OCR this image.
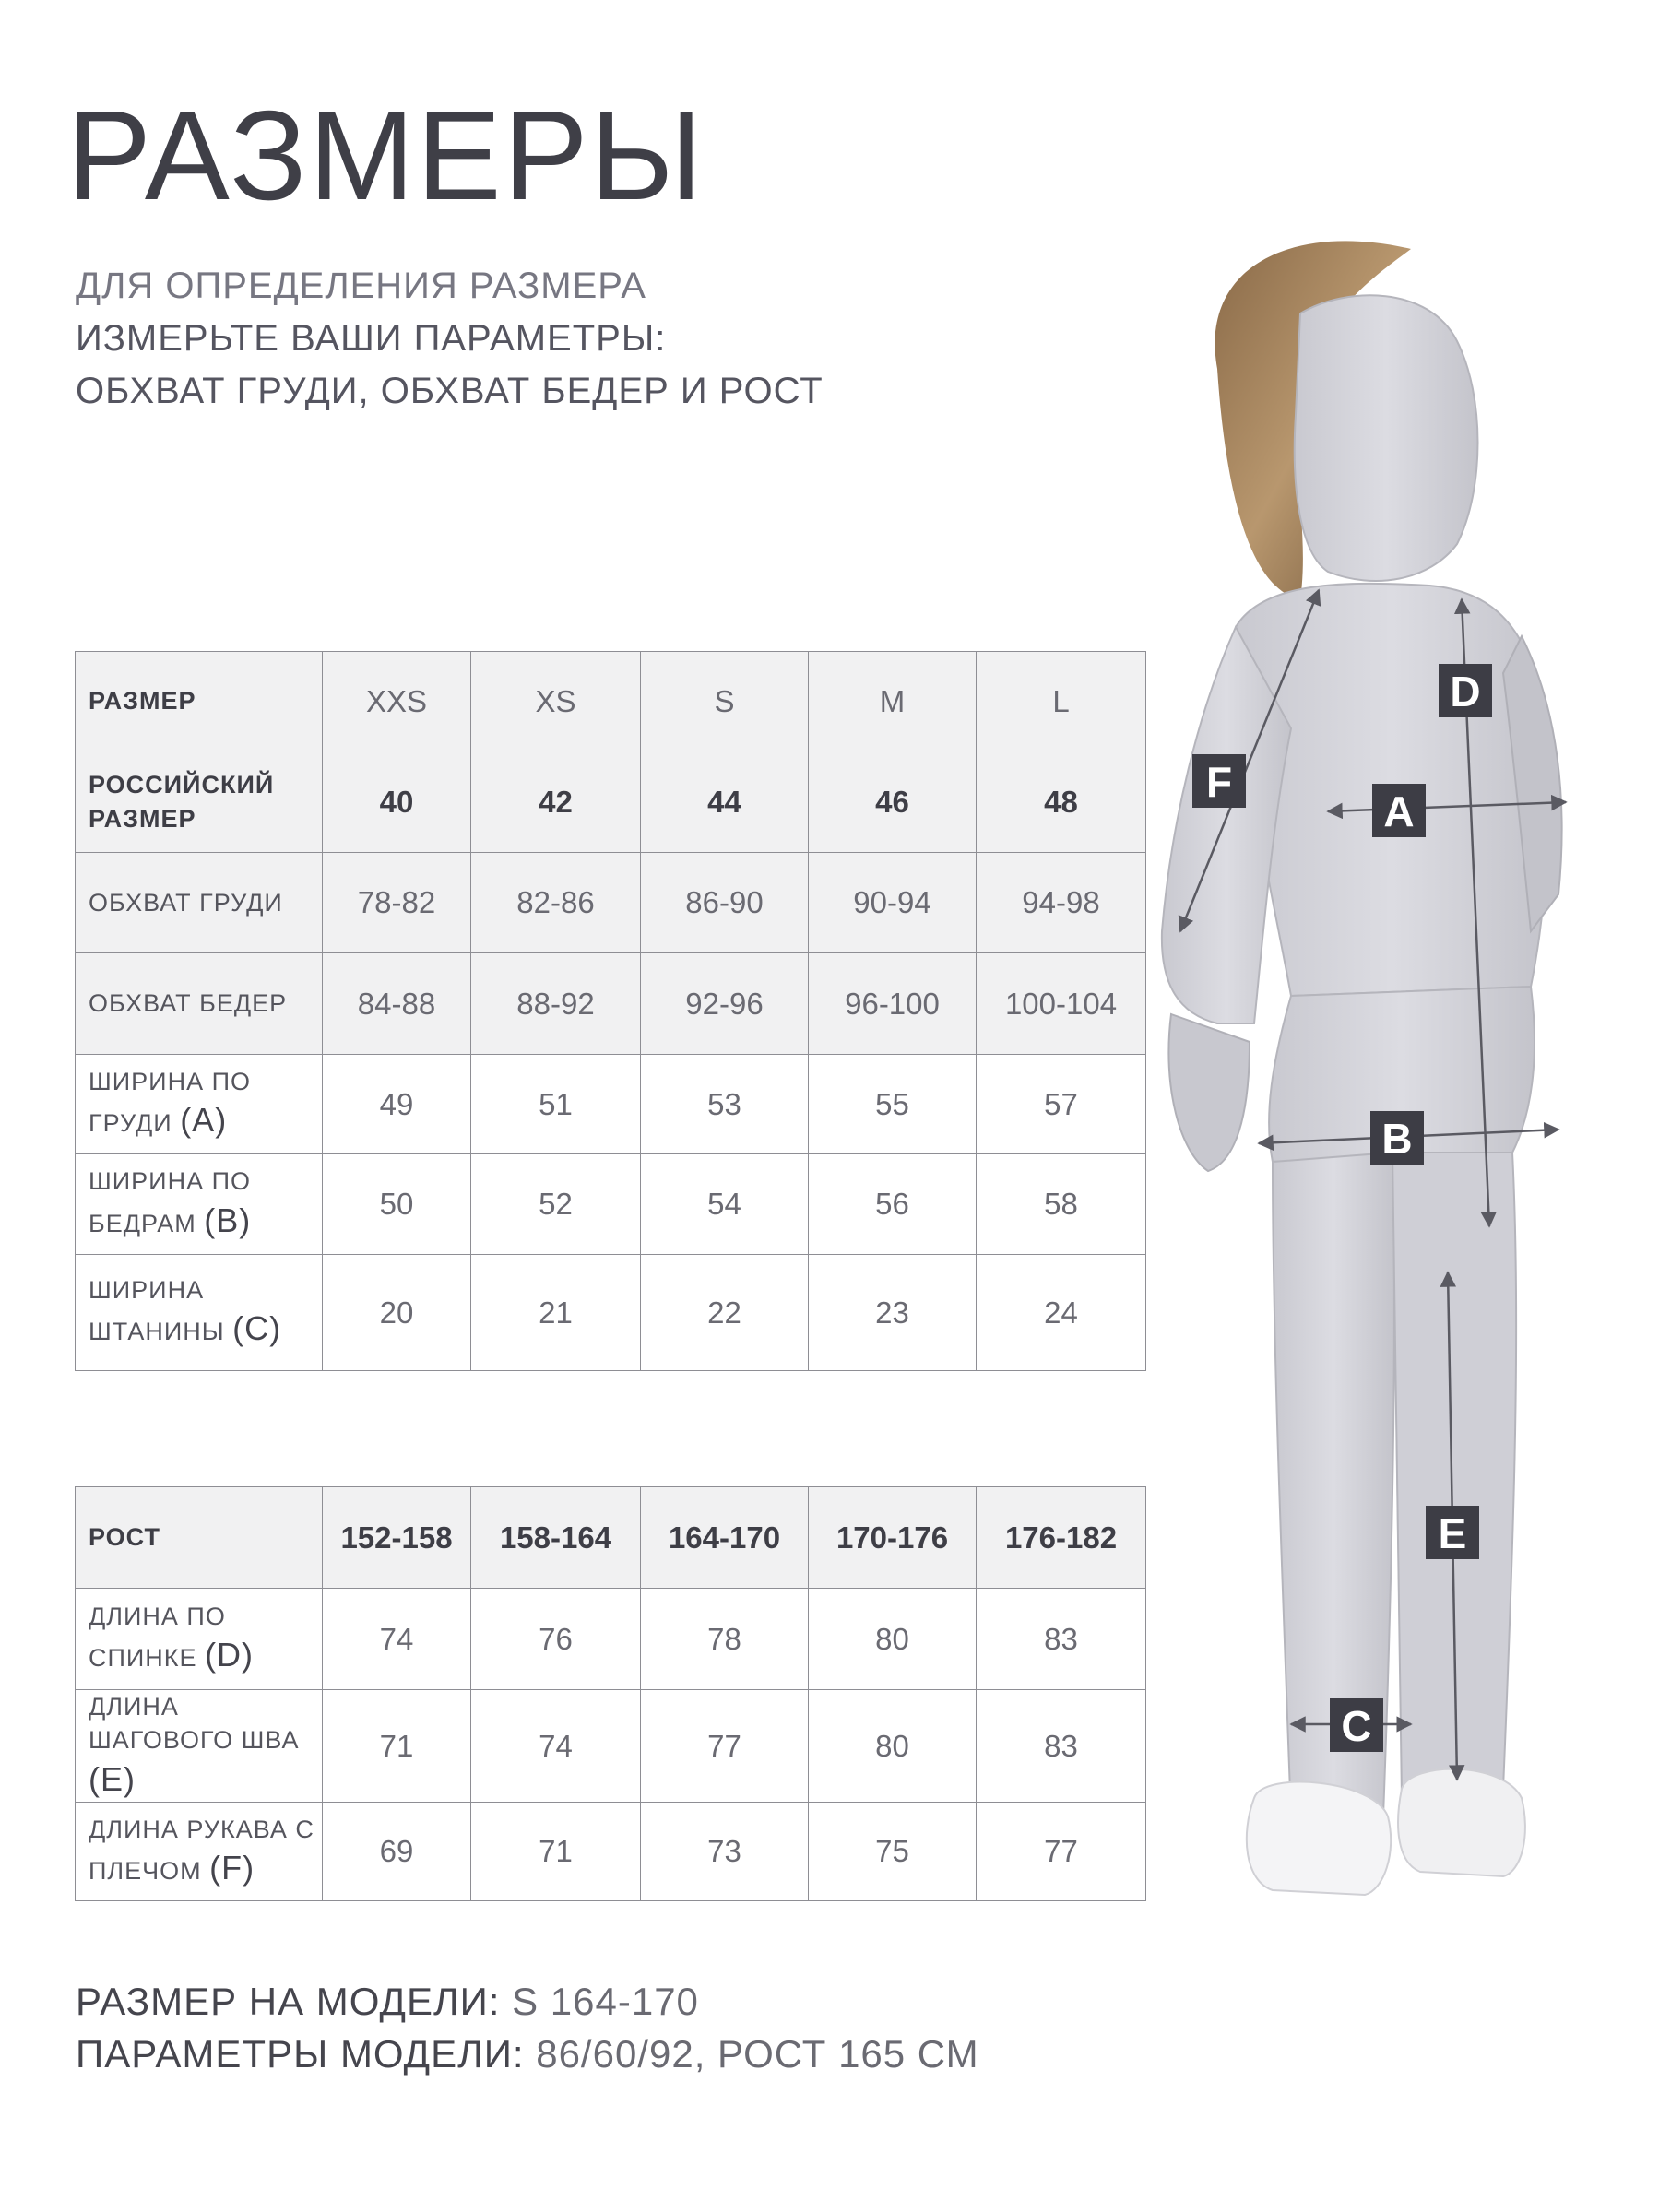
РАЗМЕРЫ
ДЛЯ ОПРЕДЕЛЕНИЯ РАЗМЕРА
ИЗМЕРЬТЕ ВАШИ ПАРАМЕТРЫ:
ОБХВАТ ГРУДИ, ОБХВАТ БЕДЕР И РОСТ
РАЗМЕР	XXS	XS	S	M	L
РОССИЙСКИЙ РАЗМЕР	40	42	44	46	48
ОБХВАТ ГРУДИ	78-82	82-86	86-90	90-94	94-98
ОБХВАТ БЕДЕР	84-88	88-92	92-96	96-100	100-104
ШИРИНА ПО ГРУДИ (A)	49	51	53	55	57
ШИРИНА ПО БЕДРАМ (B)	50	52	54	56	58
ШИРИНА ШТАНИНЫ (C)	20	21	22	23	24
РОСТ	152-158	158-164	164-170	170-176	176-182
ДЛИНА ПО СПИНКЕ (D)	74	76	78	80	83
ДЛИНА ШАГОВОГО ШВА (E)	71	74	77	80	83
ДЛИНА РУКАВА С ПЛЕЧОМ (F)	69	71	73	75	77
РАЗМЕР НА МОДЕЛИ: S 164-170
ПАРАМЕТРЫ МОДЕЛИ: 86/60/92, РОСТ 165 СМ
D
F
A
B
E
C
